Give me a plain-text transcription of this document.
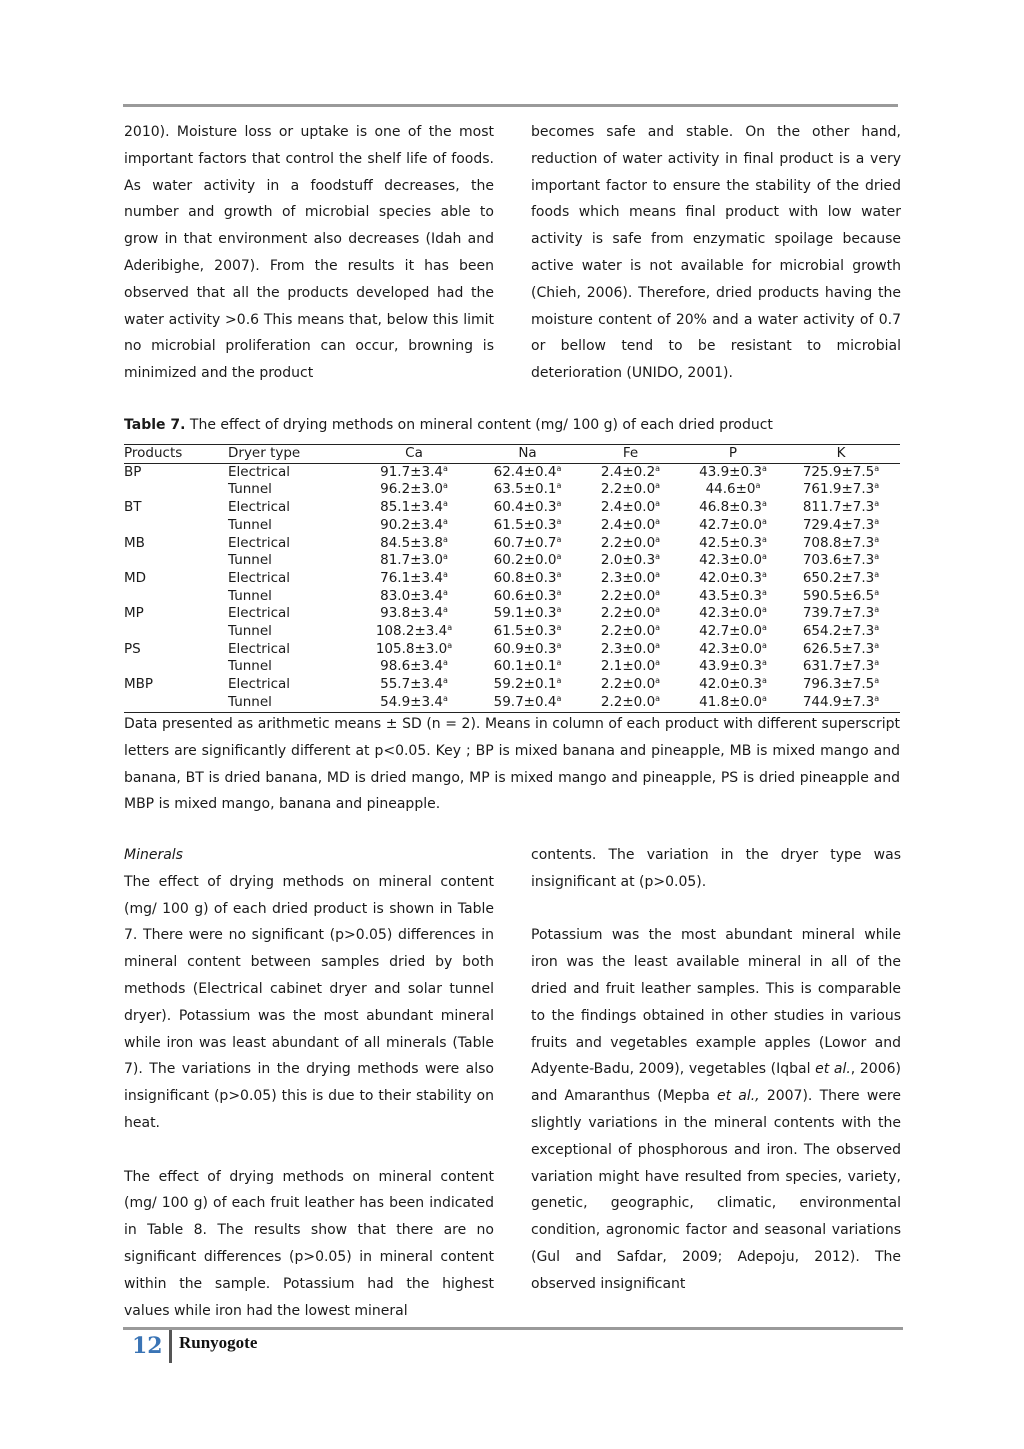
2010). Moisture loss or uptake is one of the most important factors that control the shelf life of foods. As water activity in a foodstuff decreases, the number and growth of microbial species able to grow in that environment also decreases (Idah and Aderibighe, 2007). From the results it has been observed that all the products developed had the water activity >0.6 This means that, below this limit no microbial proliferation can occur, browning is minimized and the product

becomes safe and stable. On the other hand, reduction of water activity in final product is a very important factor to ensure the stability of the dried foods which means final product with low water activity is safe from enzymatic spoilage because active water is not available for microbial growth (Chieh, 2006). Therefore, dried products having the moisture content of 20% and a water activity of 0.7 or bellow tend to be resistant to microbial deterioration (UNIDO, 2001).

Table 7. The effect of drying methods on mineral content (mg/ 100 g) of each dried product
Products	Dryer type	Ca	Na	Fe	P	K
BP	Electrical	91.7±3.4$^a$	62.4±0.4$^a$	2.4±0.2$^a$	43.9±0.3$^a$	725.9±7.5$^a$
	Tunnel	96.2±3.0$^a$	63.5±0.1$^a$	2.2±0.0$^a$	$44.6\pm 0^a$	761.9±7.3$^a$
BT	Electrical	85.1±3.4$^a$	60.4±0.3$^a$	2.4±0.0$^a$	46.8±0.3$^a$	811.7±7.3$^a$
	Tunnel	90.2±3.4$^a$	61.5±0.3$^a$	2.4±0.0$^a$	42.7±0.0$^a$	729.4±7.3$^a$
MB	Electrical	84.5±3.8$^a$	60.7±0.7$^a$	2.2±0.0$^a$	42.5±0.3$^a$	708.8±7.3$^a$
	Tunnel	81.7±3.0$^a$	60.2±0.0$^a$	2.0±0.3$^a$	42.3±0.0$^a$	703.6±7.3$^a$
MD	Electrical	76.1±3.4$^a$	60.8±0.3$^a$	2.3±0.0$^a$	42.0±0.3$^a$	650.2±7.3$^a$
	Tunnel	83.0±3.4$^a$	60.6±0.3$^a$	2.2±0.0$^a$	43.5±0.3$^a$	590.5±6.5$^a$
MP	Electrical	93.8±3.4$^a$	59.1±0.3$^a$	2.2±0.0$^a$	42.3±0.0$^a$	739.7±7.3$^a$
	Tunnel	108.2±3.4$^a$	61.5±0.3$^a$	2.2±0.0$^a$	42.7±0.0$^a$	654.2±7.3$^a$
PS	Electrical	105.8±3.0$^a$	60.9±0.3$^a$	2.3±0.0$^a$	42.3±0.0$^a$	626.5±7.3$^a$
	Tunnel	98.6±3.4$^a$	60.1±0.1$^a$	2.1±0.0$^a$	43.9±0.3$^a$	631.7±7.3$^a$
MBP	Electrical	55.7±3.4$^a$	59.2±0.1$^a$	2.2±0.0$^a$	42.0±0.3$^a$	796.3±7.5$^a$
	Tunnel	54.9±3.4$^a$	59.7±0.4$^a$	2.2±0.0$^a$	41.8±0.0$^a$	744.9±7.3$^a$
Data presented as arithmetic means ± SD (n = 2). Means in column of each product with different superscript letters are significantly different at p<0.05. Key ; BP is mixed banana and pineapple, MB is mixed mango and banana, BT is dried banana, MD is dried mango, MP is mixed mango and pineapple, PS is dried pineapple and MBP is mixed mango, banana and pineapple.

Minerals

The effect of drying methods on mineral content (mg/ 100 g) of each dried product is shown in Table 7. There were no significant (p>0.05) differences in mineral content between samples dried by both methods (Electrical cabinet dryer and solar tunnel dryer). Potassium was the most abundant mineral while iron was least abundant of all minerals (Table 7). The variations in the drying methods were also insignificant (p>0.05) this is due to their stability on heat.

The effect of drying methods on mineral content (mg/ 100 g) of each fruit leather has been indicated in Table 8. The results show that there are no significant differences (p>0.05) in mineral content within the sample. Potassium had the highest values while iron had the lowest mineral

contents. The variation in the dryer type was insignificant at (p>0.05).

Potassium was the most abundant mineral while iron was the least available mineral in all of the dried and fruit leather samples. This is comparable to the findings obtained in other studies in various fruits and vegetables example apples (Lowor and Adyente-Badu, 2009), vegetables (Iqbal et al., 2006) and Amaranthus (Mepba et al., 2007). There were slightly variations in the mineral contents with the exceptional of phosphorous and iron. The observed variation might have resulted from species, variety, genetic, geographic, climatic, environmental condition, agronomic factor and seasonal variations (Gul and Safdar, 2009; Adepoju, 2012). The observed insignificant

12 Runyogote
